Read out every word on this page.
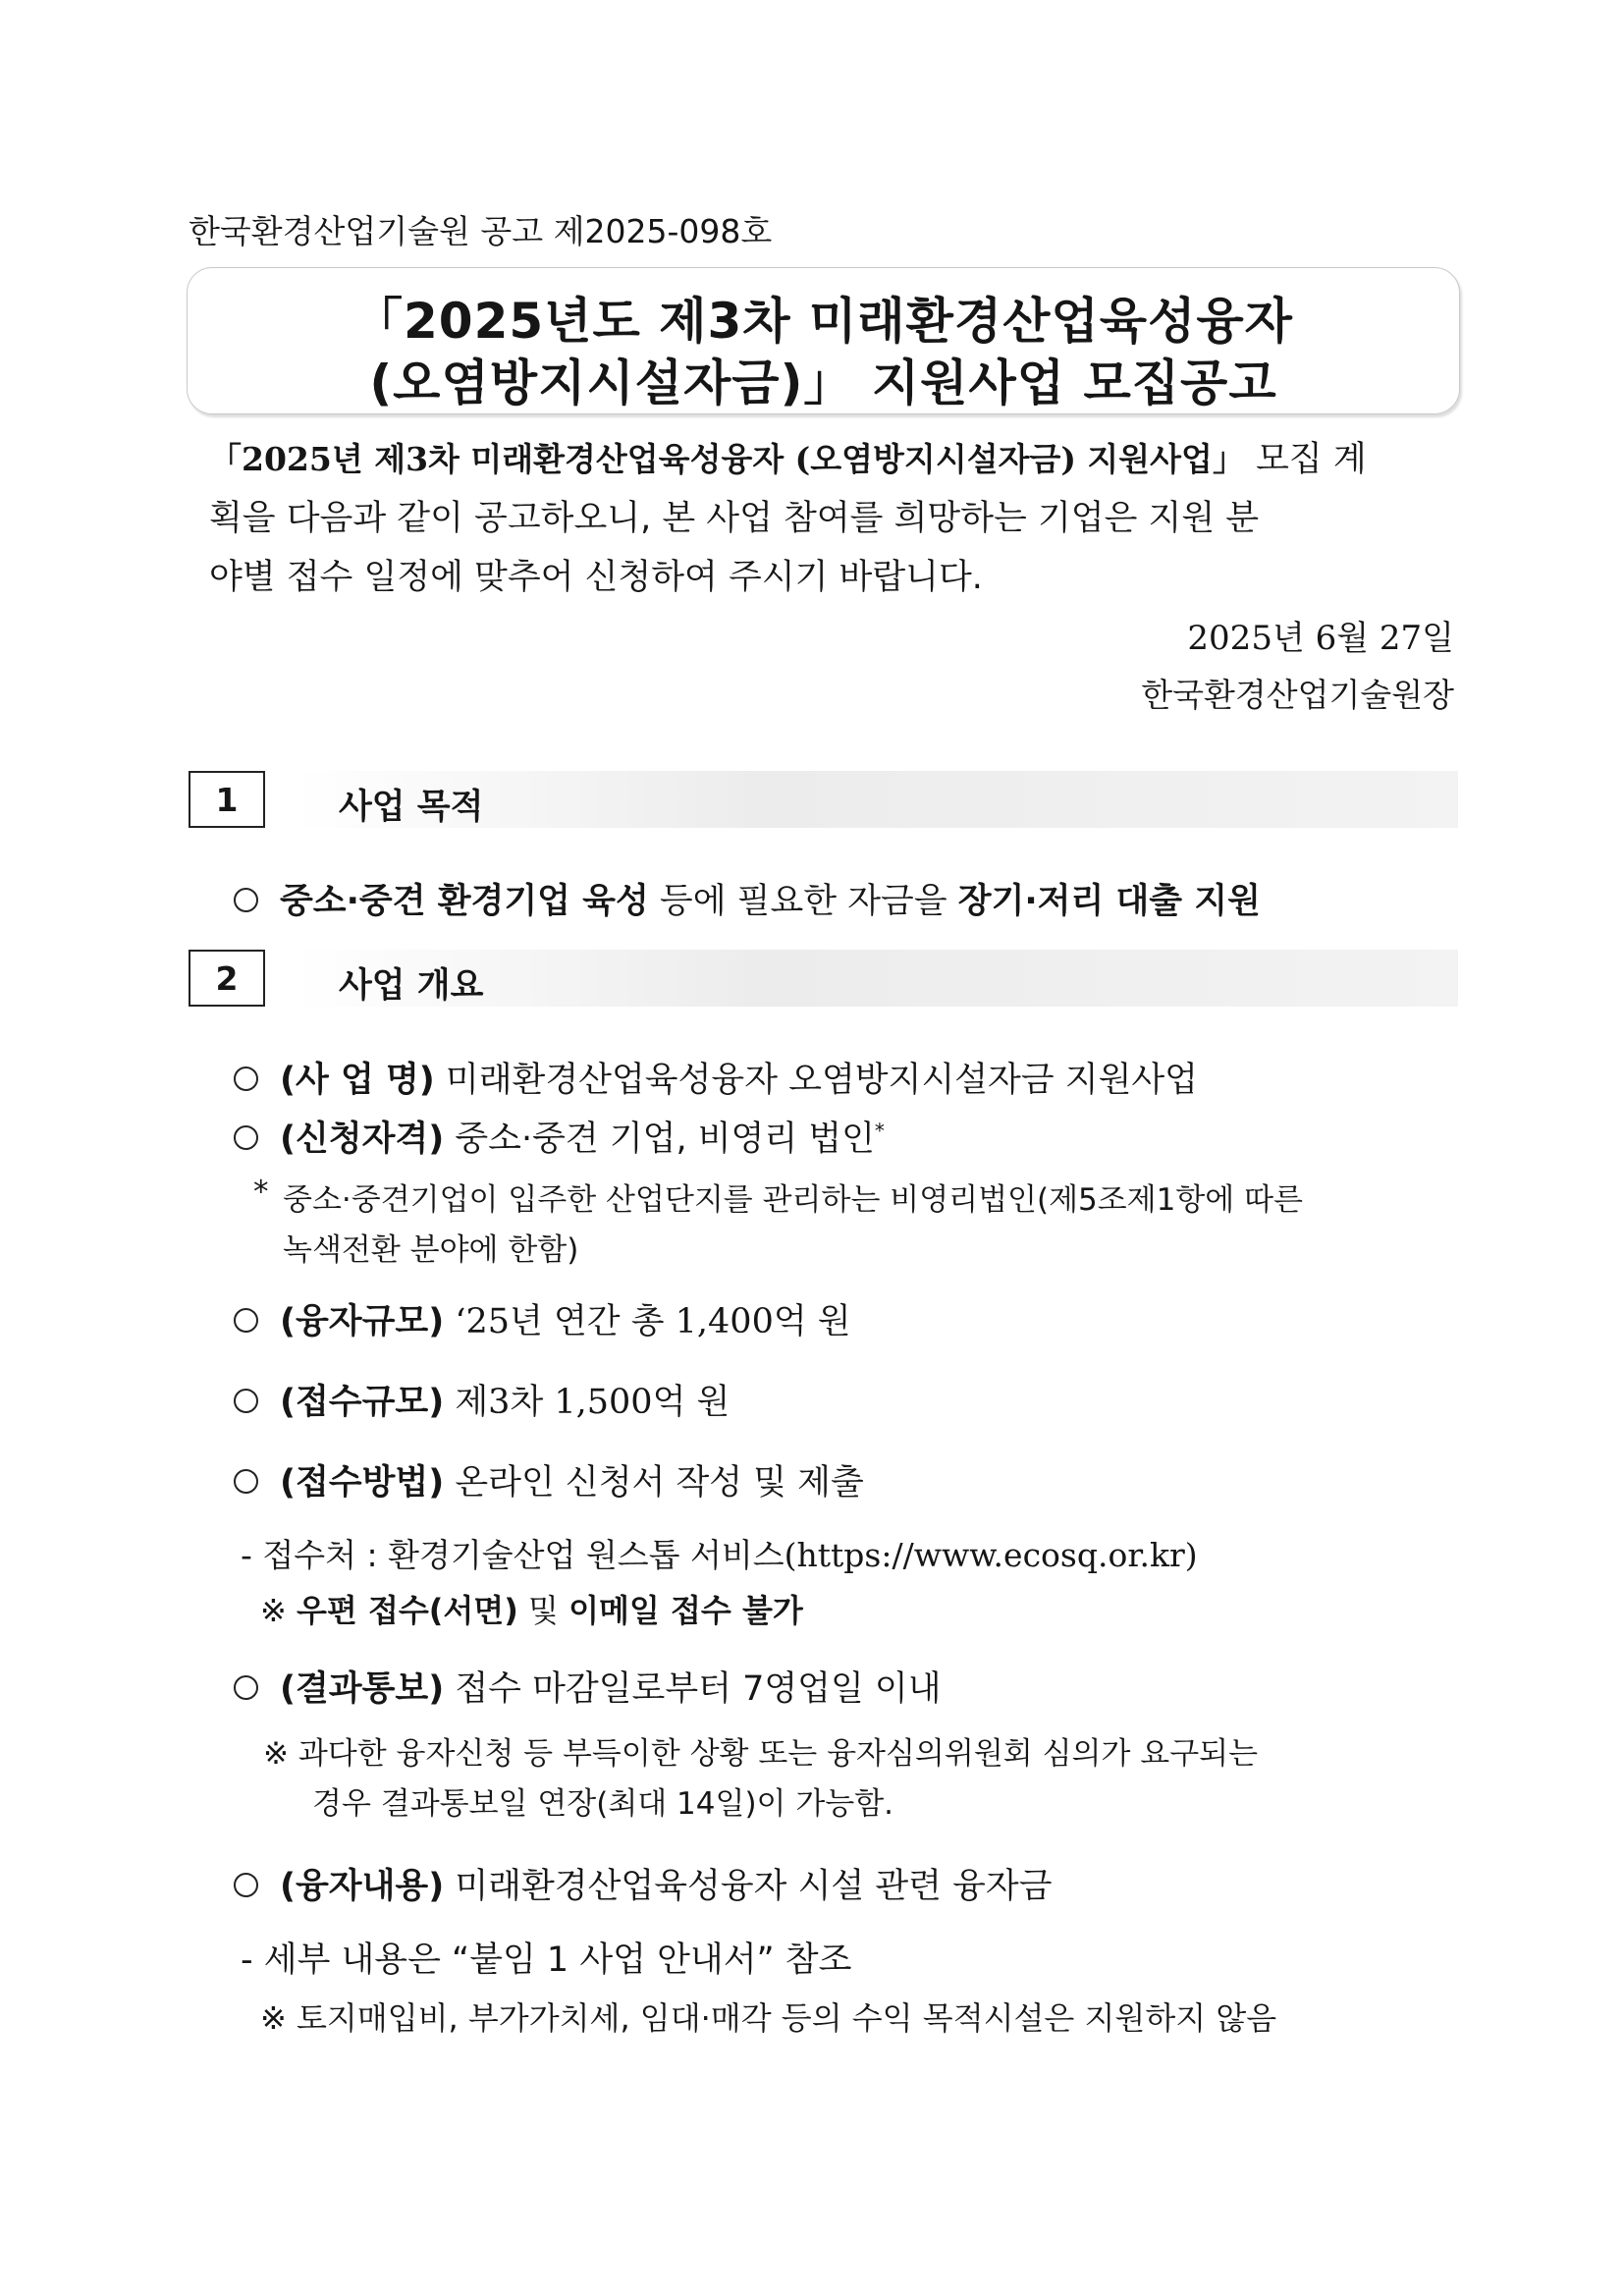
한국환경산업기술원 공고 제2025-098호
「2025년도 제3차 미래환경산업육성융자
(오염방지시설자금)」 지원사업 모집공고
「2025년 제3차 미래환경산업육성융자 (오염방지시설자금) 지원사업」 모집 계
획을 다음과 같이 공고하오니, 본 사업 참여를 희망하는 기업은 지원 분
야별 접수 일정에 맞추어 신청하여 주시기 바랍니다.
2025년 6월 27일
한국환경산업기술원장
1	사업 목적
중소·중견 환경기업 육성 등에 필요한 자금을 장기·저리 대출 지원
2	사업 개요
(사 업 명) 미래환경산업육성융자 오염방지시설자금 지원사업
(신청자격) 중소·중견 기업, 비영리 법인*
* 중소·중견기업이 입주한 산업단지를 관리하는 비영리법인(제5조제1항에 따른
녹색전환 분야에 한함)
(융자규모) ‘25년 연간 총 1,400억 원
(접수규모) 제3차 1,500억 원
(접수방법) 온라인 신청서 작성 및 제출
- 접수처 : 환경기술산업 원스톱 서비스(https://www.ecosq.or.kr)
※ 우편 접수(서면) 및 이메일 접수 불가
(결과통보) 접수 마감일로부터 7영업일 이내
※ 과다한 융자신청 등 부득이한 상황 또는 융자심의위원회 심의가 요구되는
경우 결과통보일 연장(최대 14일)이 가능함.
(융자내용) 미래환경산업육성융자 시설 관련 융자금
- 세부 내용은 “붙임 1 사업 안내서” 참조
※ 토지매입비, 부가가치세, 임대·매각 등의 수익 목적시설은 지원하지 않음
